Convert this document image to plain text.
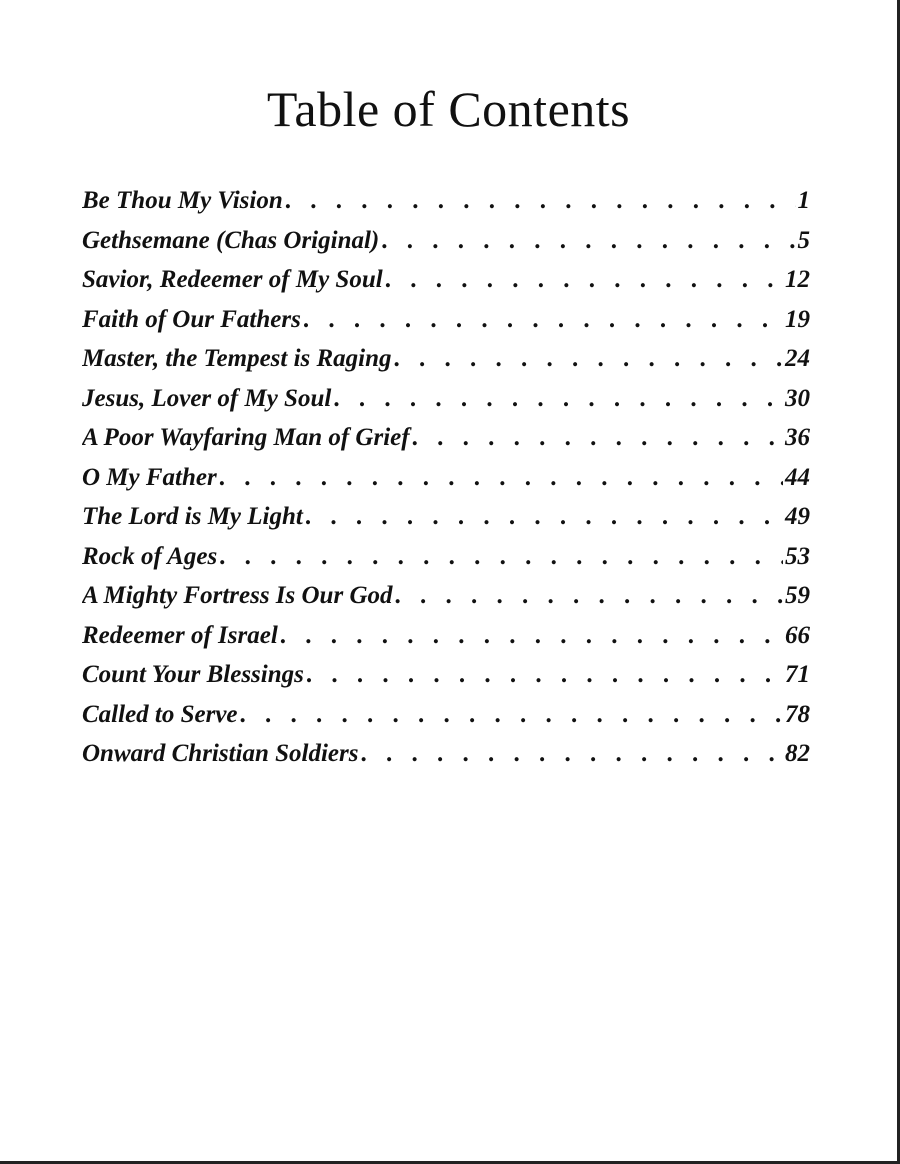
Table of Contents
Be Thou My Vision . . .	1
Gethsemane (Chas Original) . . .	5
Savior, Redeemer of My Soul . . .	12
Faith of Our Fathers . . .	19
Master, the Tempest is Raging . . .	24
Jesus, Lover of My Soul . . .	30
A Poor Wayfaring Man of Grief . . .	36
O My Father . . .	44
The Lord is My Light . . .	49
Rock of Ages . . .	53
A Mighty Fortress Is Our God . . .	59
Redeemer of Israel . . .	66
Count Your Blessings . . .	71
Called to Serve . . .	78
Onward Christian Soldiers . . .	82
